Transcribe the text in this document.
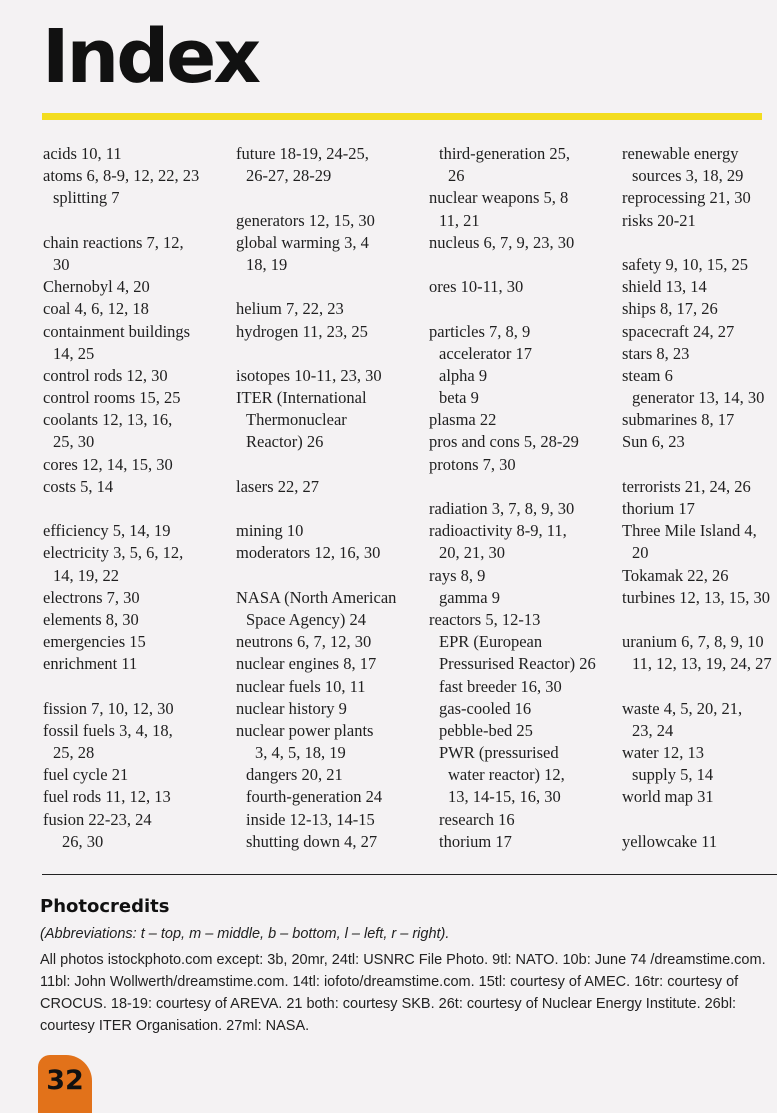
Index
acids 10, 11
atoms 6, 8-9, 12, 22, 23
splitting 7
chain reactions 7, 12,
30
Chernobyl 4, 20
coal 4, 6, 12, 18
containment buildings
14, 25
control rods 12, 30
control rooms 15, 25
coolants 12, 13, 16,
25, 30
cores 12, 14, 15, 30
costs 5, 14
efficiency 5, 14, 19
electricity 3, 5, 6, 12,
14, 19, 22
electrons 7, 30
elements 8, 30
emergencies 15
enrichment 11
fission 7, 10, 12, 30
fossil fuels 3, 4, 18,
25, 28
fuel cycle 21
fuel rods 11, 12, 13
fusion 22-23, 24
26, 30
future 18-19, 24-25,
26-27, 28-29
generators 12, 15, 30
global warming 3, 4
18, 19
helium 7, 22, 23
hydrogen 11, 23, 25
isotopes 10-11, 23, 30
ITER (International
Thermonuclear
Reactor) 26
lasers 22, 27
mining 10
moderators 12, 16, 30
NASA (North American
Space Agency) 24
neutrons 6, 7, 12, 30
nuclear engines 8, 17
nuclear fuels 10, 11
nuclear history 9
nuclear power plants
3, 4, 5, 18, 19
dangers 20, 21
fourth-generation 24
inside 12-13, 14-15
shutting down 4, 27
third-generation 25,
26
nuclear weapons 5, 8
11, 21
nucleus 6, 7, 9, 23, 30
ores 10-11, 30
particles 7, 8, 9
accelerator 17
alpha 9
beta 9
plasma 22
pros and cons 5, 28-29
protons 7, 30
radiation 3, 7, 8, 9, 30
radioactivity 8-9, 11,
20, 21, 30
rays 8, 9
gamma 9
reactors 5, 12-13
EPR (European
Pressurised Reactor) 26
fast breeder 16, 30
gas-cooled 16
pebble-bed 25
PWR (pressurised
water reactor) 12,
13, 14-15, 16, 30
research 16
thorium 17
renewable energy
sources 3, 18, 29
reprocessing 21, 30
risks 20-21
safety 9, 10, 15, 25
shield 13, 14
ships 8, 17, 26
spacecraft 24, 27
stars 8, 23
steam 6
generator 13, 14, 30
submarines 8, 17
Sun 6, 23
terrorists 21, 24, 26
thorium 17
Three Mile Island 4,
20
Tokamak 22, 26
turbines 12, 13, 15, 30
uranium 6, 7, 8, 9, 10
11, 12, 13, 19, 24, 27
waste 4, 5, 20, 21,
23, 24
water 12, 13
supply 5, 14
world map 31
yellowcake 11
Photocredits

(Abbreviations: t – top, m – middle, b – bottom, l – left, r – right).

All photos istockphoto.com except: 3b, 20mr, 24tl: USNRC File Photo. 9tl: NATO. 10b: June 74 /dreamstime.com. 11bl: John Wollwerth/dreamstime.com. 14tl: iofoto/dreamstime.com. 15tl: courtesy of AMEC. 16tr: courtesy of CROCUS. 18-19: courtesy of AREVA. 21 both: courtesy SKB. 26t: courtesy of Nuclear Energy Institute. 26bl: courtesy ITER Organisation. 27ml: NASA.

32
